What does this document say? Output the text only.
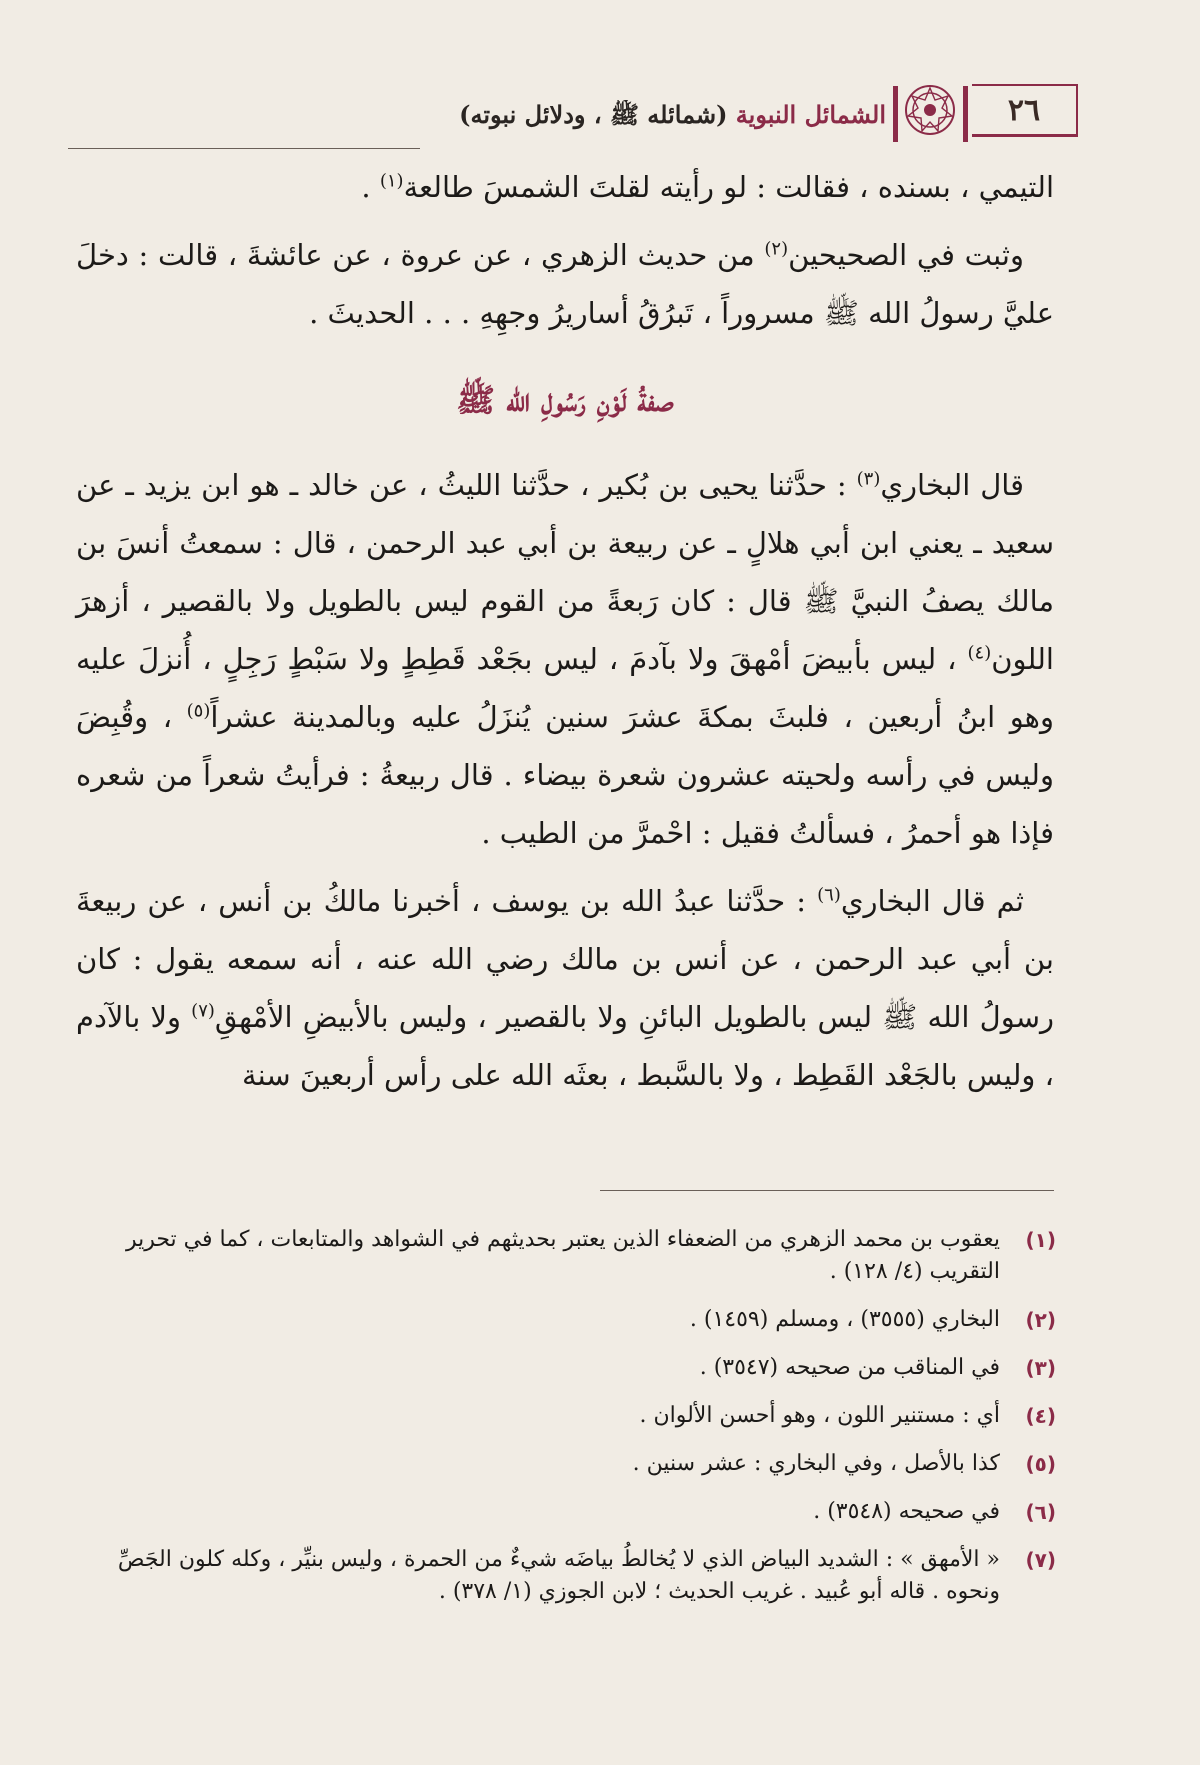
٢٦
الشمائل النبوية (شمائله ﷺ ، ودلائل نبوته)

التيمي ، بسنده ، فقالت : لو رأيته لقلتَ الشمسَ طالعة$^{(١)}$ .

وثبت في الصحيحين$^{(٢)}$ من حديث الزهري ، عن عروة ، عن عائشةَ ، قالت : دخلَ عليَّ رسولُ الله ﷺ مسروراً ، تَبرُقُ أساريرُ وجهِهِ . . . الحديثَ .

صفةُ لَوْنِ رَسُولِ الله ﷺ

قال البخاري$^{(٣)}$ : حدَّثنا يحيى بن بُكير ، حدَّثنا الليثُ ، عن خالد ـ هو ابن يزيد ـ عن سعيد ـ يعني ابن أبي هلالٍ ـ عن ربيعة بن أبي عبد الرحمن ، قال : سمعتُ أنسَ بن مالك يصفُ النبيَّ ﷺ قال : كان رَبعةً من القوم ليس بالطويل ولا بالقصير ، أزهرَ اللون$^{(٤)}$ ، ليس بأبيضَ أمْهقَ ولا بآدمَ ، ليس بجَعْد قَطِطٍ ولا سَبْطٍ رَجِلٍ ، أُنزلَ عليه وهو ابنُ أربعين ، فلبثَ بمكةَ عشرَ سنين يُنزَلُ عليه وبالمدينة عشراً$^{(٥)}$ ، وقُبِضَ وليس في رأسه ولحيته عشرون شعرة بيضاء . قال ربيعةُ : فرأيتُ شعراً من شعره فإذا هو أحمرُ ، فسألتُ فقيل : احْمرَّ من الطيب .

ثم قال البخاري$^{(٦)}$ : حدَّثنا عبدُ الله بن يوسف ، أخبرنا مالكُ بن أنس ، عن ربيعةَ بن أبي عبد الرحمن ، عن أنس بن مالك رضي الله عنه ، أنه سمعه يقول : كان رسولُ الله ﷺ ليس بالطويل البائنِ ولا بالقصير ، وليس بالأبيضِ الأمْهقِ$^{(٧)}$ ولا بالآدم ، وليس بالجَعْد القَطِط ، ولا بالسَّبط ، بعثَه الله على رأس أربعينَ سنة

(١)
يعقوب بن محمد الزهري من الضعفاء الذين يعتبر بحديثهم في الشواهد والمتابعات ، كما في تحرير التقريب (٤/ ١٢٨) .
(٢)
البخاري (٣٥٥٥) ، ومسلم (١٤٥٩) .
(٣)
في المناقب من صحيحه (٣٥٤٧) .
(٤)
أي : مستنير اللون ، وهو أحسن الألوان .
(٥)
كذا بالأصل ، وفي البخاري : عشر سنين .
(٦)
في صحيحه (٣٥٤٨) .
(٧)
« الأمهق » : الشديد البياض الذي لا يُخالطُ بياضَه شيءٌ من الحمرة ، وليس بنيِّر ، وكله كلون الجَصِّ ونحوه . قاله أبو عُبيد . غريب الحديث ؛ لابن الجوزي (١/ ٣٧٨) .
